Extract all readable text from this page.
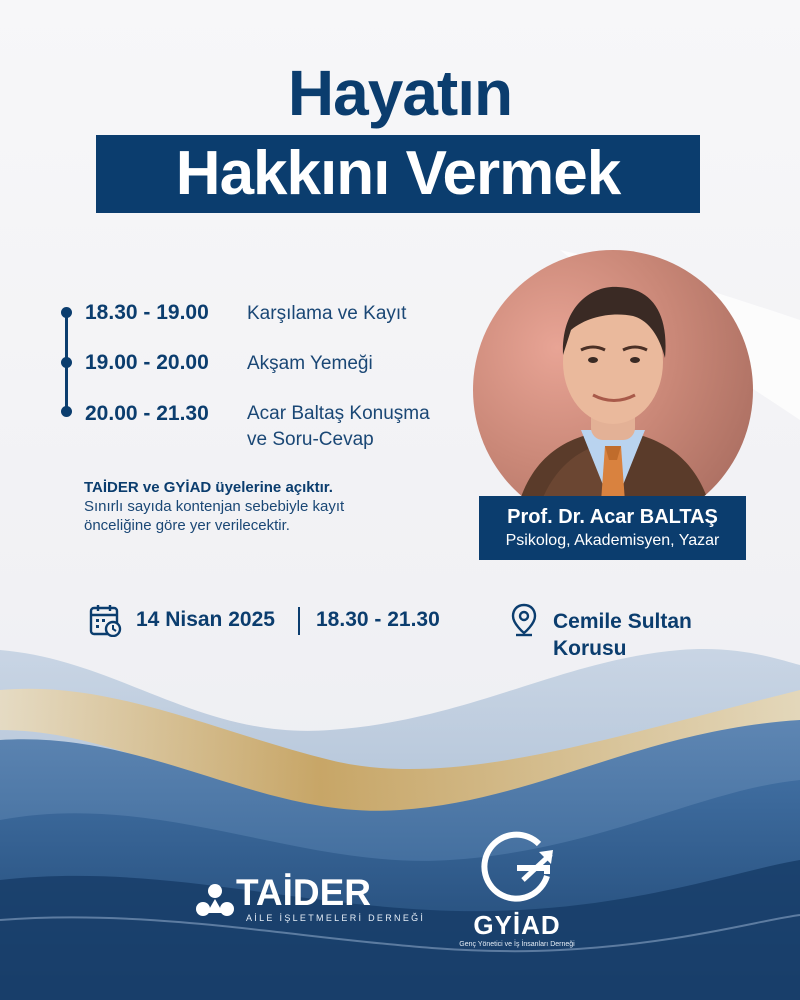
Hayatın
Hakkını Vermek
18.30 - 19.00 Karşılama ve Kayıt
19.00 - 20.00 Akşam Yemeği
20.00 - 21.30 Acar Baltaş Konuşma
ve Soru-Cevap
TAİDER ve GYİAD üyelerine açıktır.
Sınırlı sayıda kontenjan sebebiyle kayıt önceliğine göre yer verilecektir.	Prof. Dr. Acar BALTAŞ
Psikolog, Akademisyen, Yazar
14 Nisan 2025 18.30 - 21.30	Cemile Sultan
Korusu
TAİDER
AİLE İŞLETMELERİ DERNEĞİ	GYİAD
Genç Yönetici ve İş İnsanları Derneği
